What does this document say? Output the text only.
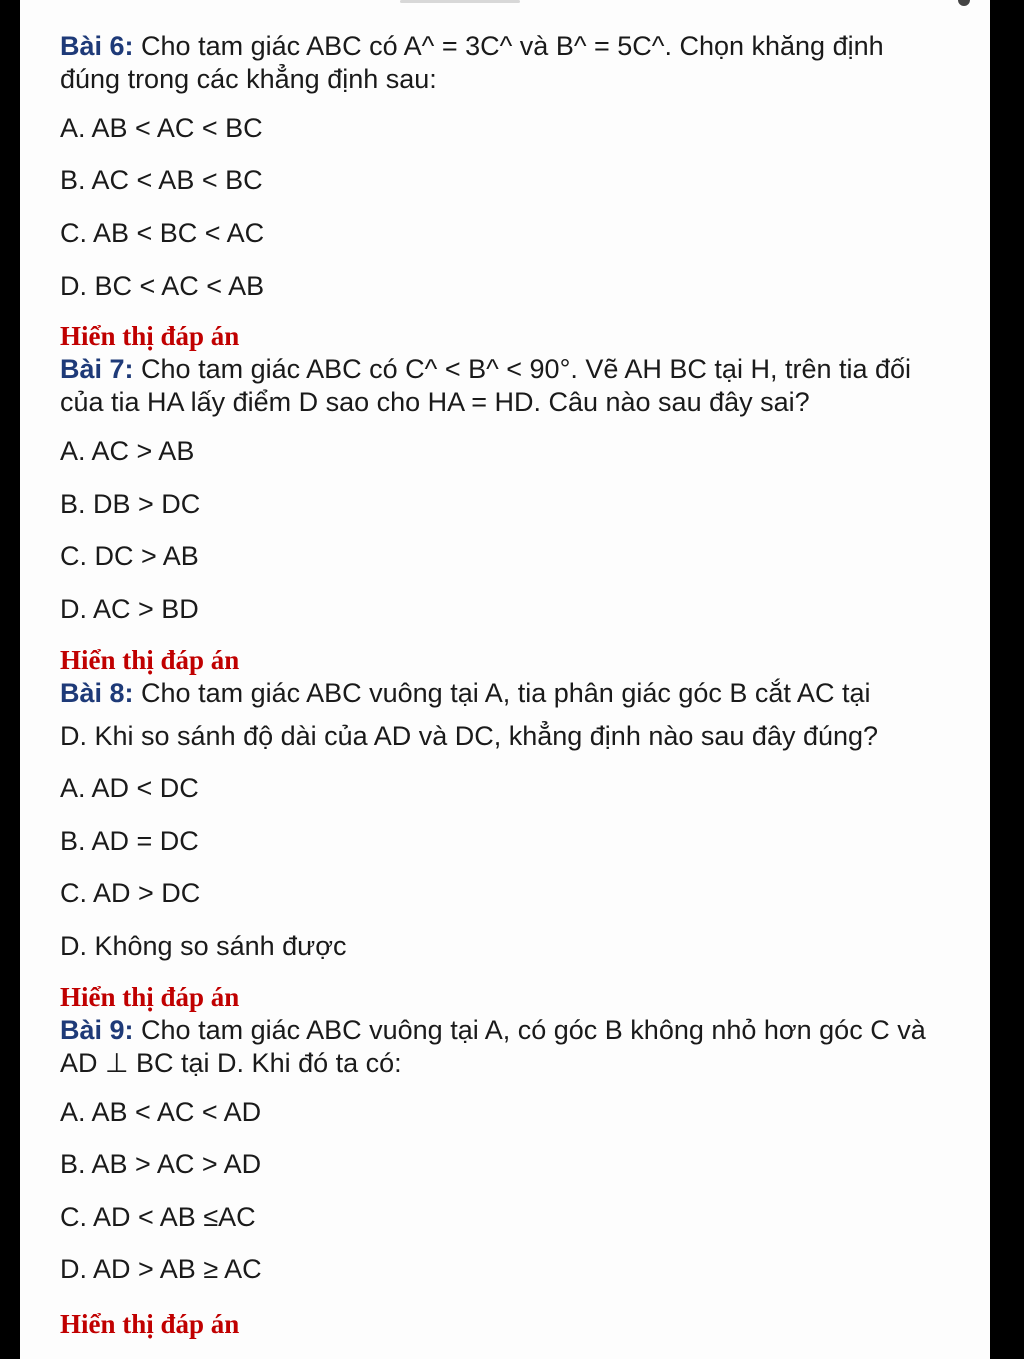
Bài 6: Cho tam giác ABC có A^ = 3C^ và B^ = 5C^. Chọn khăng định đúng trong các khẳng định sau:

A. AB < AC < BC

B. AC < AB < BC

C. AB < BC < AC

D. BC < AC < AB

Hiển thị đáp án

Bài 7: Cho tam giác ABC có C^ < B^ < 90°. Vẽ AH BC tại H, trên tia đối của tia HA lấy điểm D sao cho HA = HD. Câu nào sau đây sai?

A. AC > AB

B. DB > DC

C. DC > AB

D. AC > BD

Hiển thị đáp án

Bài 8: Cho tam giác ABC vuông tại A, tia phân giác góc B cắt AC tại

D. Khi so sánh độ dài của AD và DC, khẳng định nào sau đây đúng?

A. AD < DC

B. AD = DC

C. AD > DC

D. Không so sánh được

Hiển thị đáp án

Bài 9: Cho tam giác ABC vuông tại A, có góc B không nhỏ hơn góc C và AD ⊥ BC tại D. Khi đó ta có:

A. AB < AC < AD

B. AB > AC > AD

C. AD < AB ≤AC

D. AD > AB ≥ AC

Hiển thị đáp án
